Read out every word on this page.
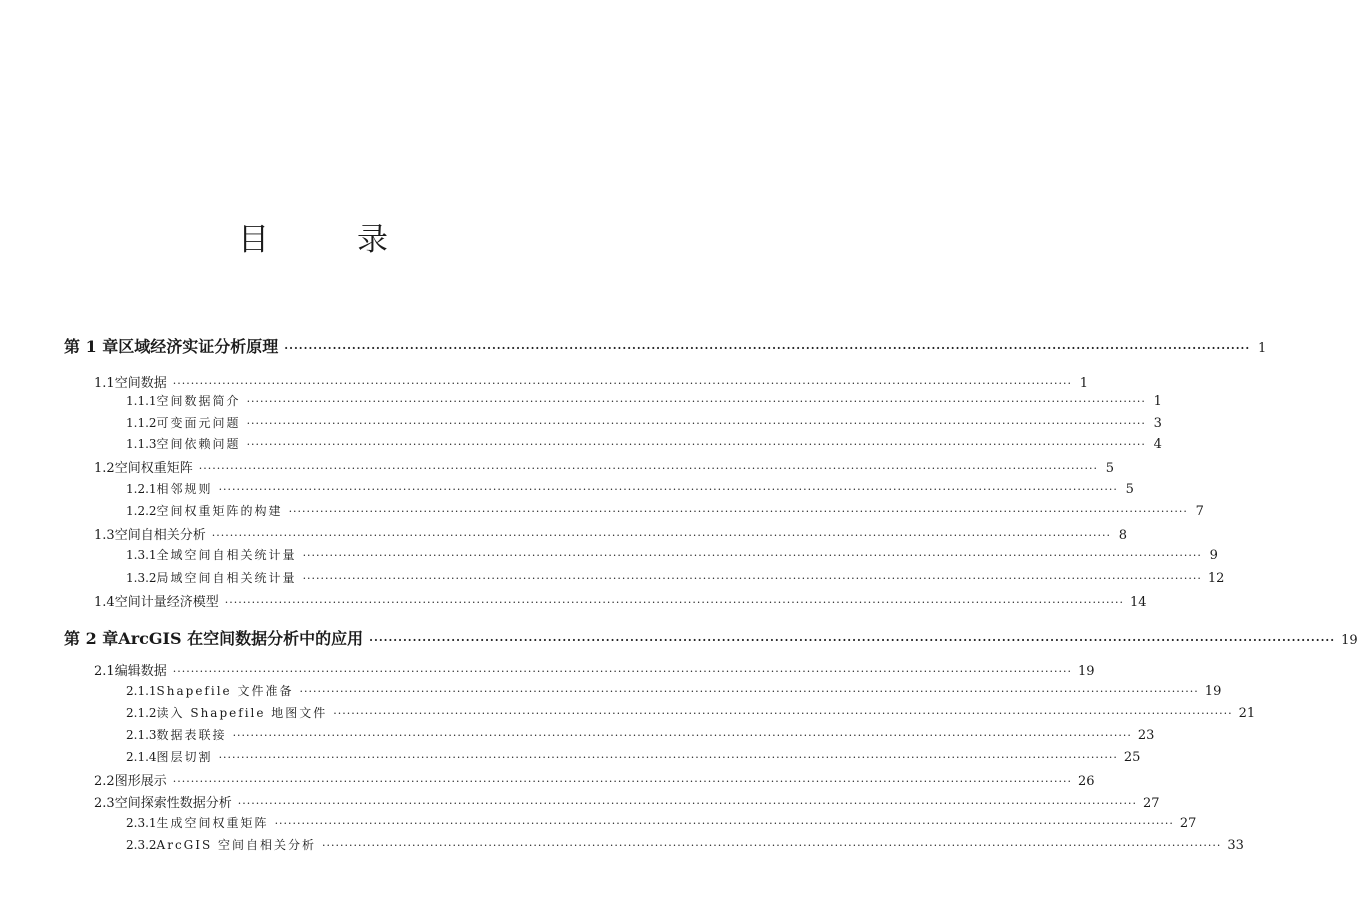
目	录
第 1 章 区域经济实证分析原理 ········································································································································································································ 1
1.1 空间数据 ········································································································································································································ 1
1.1.1 空间数据简介 ········································································································································································································ 1
1.1.2 可变面元问题 ········································································································································································································ 3
1.1.3 空间依赖问题 ········································································································································································································ 4
1.2 空间权重矩阵 ········································································································································································································ 5
1.2.1 相邻规则 ········································································································································································································ 5
1.2.2 空间权重矩阵的构建 ········································································································································································································ 7
1.3 空间自相关分析 ········································································································································································································ 8
1.3.1 全域空间自相关统计量 ········································································································································································································ 9
1.3.2 局域空间自相关统计量 ········································································································································································································ 12
1.4 空间计量经济模型 ········································································································································································································ 14
第 2 章 ArcGIS 在空间数据分析中的应用 ········································································································································································································ 19
2.1 编辑数据 ········································································································································································································ 19
2.1.1 Shapefile 文件准备 ········································································································································································································ 19
2.1.2 读入 Shapefile 地图文件 ········································································································································································································ 21
2.1.3 数据表联接 ········································································································································································································ 23
2.1.4 图层切割 ········································································································································································································ 25
2.2 图形展示 ········································································································································································································ 26
2.3 空间探索性数据分析 ········································································································································································································ 27
2.3.1 生成空间权重矩阵 ········································································································································································································ 27
2.3.2 ArcGIS 空间自相关分析 ········································································································································································································ 33
